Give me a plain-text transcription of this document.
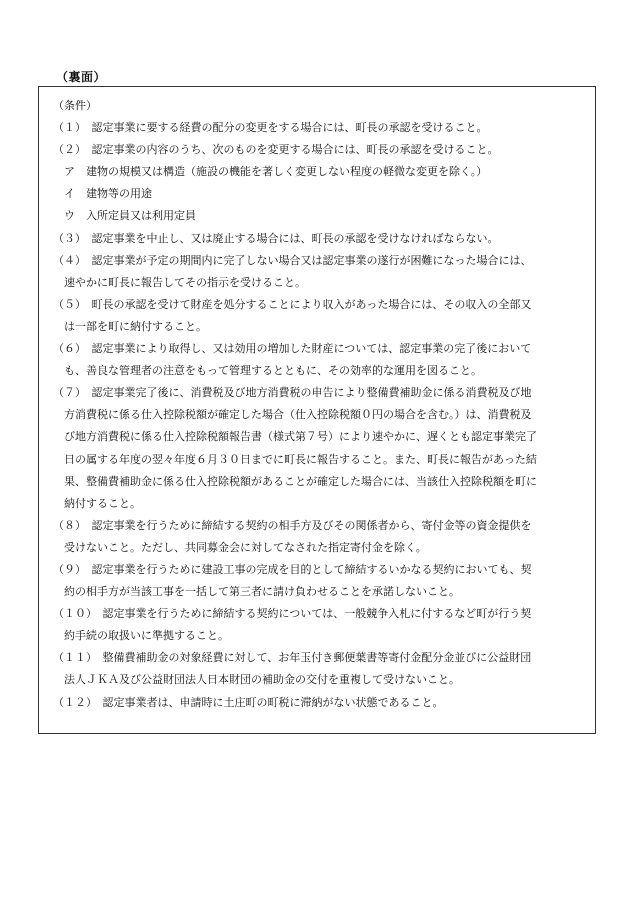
（裏面）
（条件）
（１）　認定事業に要する経費の配分の変更をする場合には、町長の承認を受けること。
（２）　認定事業の内容のうち、次のものを変更する場合には、町長の承認を受けること。
　ア　建物の規模又は構造（施設の機能を著しく変更しない程度の軽微な変更を除く。）
　イ　建物等の用途
　ウ　入所定員又は利用定員
（３）　認定事業を中止し、又は廃止する場合には、町長の承認を受けなければならない。
（４）　認定事業が予定の期間内に完了しない場合又は認定事業の遂行が困難になった場合には、
　速やかに町長に報告してその指示を受けること。
（５）　町長の承認を受けて財産を処分することにより収入があった場合には、その収入の全部又
　は一部を町に納付すること。
（６）　認定事業により取得し、又は効用の増加した財産については、認定事業の完了後において
　も、善良な管理者の注意をもって管理するとともに、その効率的な運用を図ること。
（７）　認定事業完了後に、消費税及び地方消費税の申告により整備費補助金に係る消費税及び地
　方消費税に係る仕入控除税額が確定した場合（仕入控除税額０円の場合を含む。）は、消費税及
　び地方消費税に係る仕入控除税額報告書（様式第７号）により速やかに、遅くとも認定事業完了
　日の属する年度の翌々年度６月３０日までに町長に報告すること。また、町長に報告があった結
　果、整備費補助金に係る仕入控除税額があることが確定した場合には、当該仕入控除税額を町に
　納付すること。
（８）　認定事業を行うために締結する契約の相手方及びその関係者から、寄付金等の資金提供を
　受けないこと。ただし、共同募金会に対してなされた指定寄付金を除く。
（９）　認定事業を行うために建設工事の完成を目的として締結するいかなる契約においても、契
　約の相手方が当該工事を一括して第三者に請け負わせることを承諾しないこと。
（１０）　認定事業を行うために締結する契約については、一般競争入札に付するなど町が行う契
　約手続の取扱いに準拠すること。
（１１）　整備費補助金の対象経費に対して、お年玉付き郵便葉書等寄付金配分金並びに公益財団
　法人ＪＫＡ及び公益財団法人日本財団の補助金の交付を重複して受けないこと。
（１２）　認定事業者は、申請時に土庄町の町税に滞納がない状態であること。
